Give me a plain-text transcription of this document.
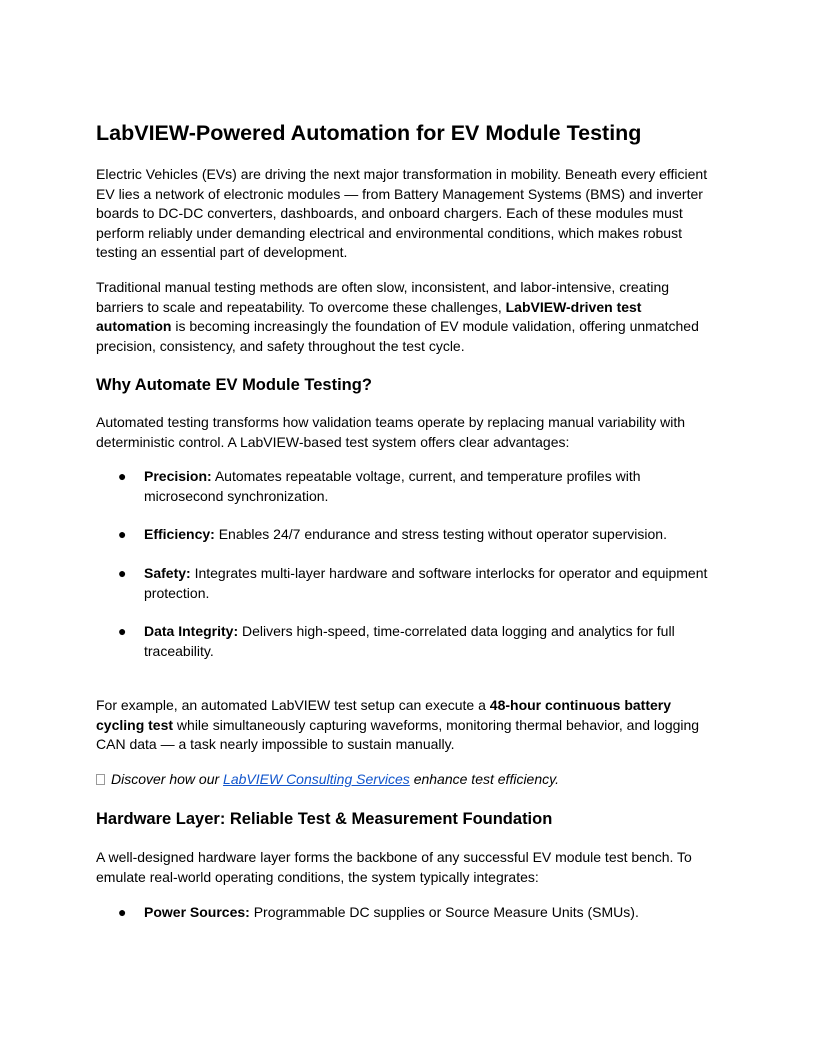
LabVIEW-Powered Automation for EV Module Testing

Electric Vehicles (EVs) are driving the next major transformation in mobility. Beneath every efficient EV lies a network of electronic modules — from Battery Management Systems (BMS) and inverter boards to DC-DC converters, dashboards, and onboard chargers. Each of these modules must perform reliably under demanding electrical and environmental conditions, which makes robust testing an essential part of development.

Traditional manual testing methods are often slow, inconsistent, and labor-intensive, creating barriers to scale and repeatability. To overcome these challenges, LabVIEW-driven test automation is becoming increasingly the foundation of EV module validation, offering unmatched precision, consistency, and safety throughout the test cycle.

Why Automate EV Module Testing?

Automated testing transforms how validation teams operate by replacing manual variability with deterministic control. A LabVIEW-based test system offers clear advantages:

● Precision: Automates repeatable voltage, current, and temperature profiles with microsecond synchronization.
● Efficiency: Enables 24/7 endurance and stress testing without operator supervision.
● Safety: Integrates multi-layer hardware and software interlocks for operator and equipment protection.
● Data Integrity: Delivers high-speed, time-correlated data logging and analytics for full traceability.

For example, an automated LabVIEW test setup can execute a 48-hour continuous battery cycling test while simultaneously capturing waveforms, monitoring thermal behavior, and logging CAN data — a task nearly impossible to sustain manually.

Discover how our LabVIEW Consulting Services enhance test efficiency.

Hardware Layer: Reliable Test & Measurement Foundation

A well-designed hardware layer forms the backbone of any successful EV module test bench. To emulate real-world operating conditions, the system typically integrates:

● Power Sources: Programmable DC supplies or Source Measure Units (SMUs).
